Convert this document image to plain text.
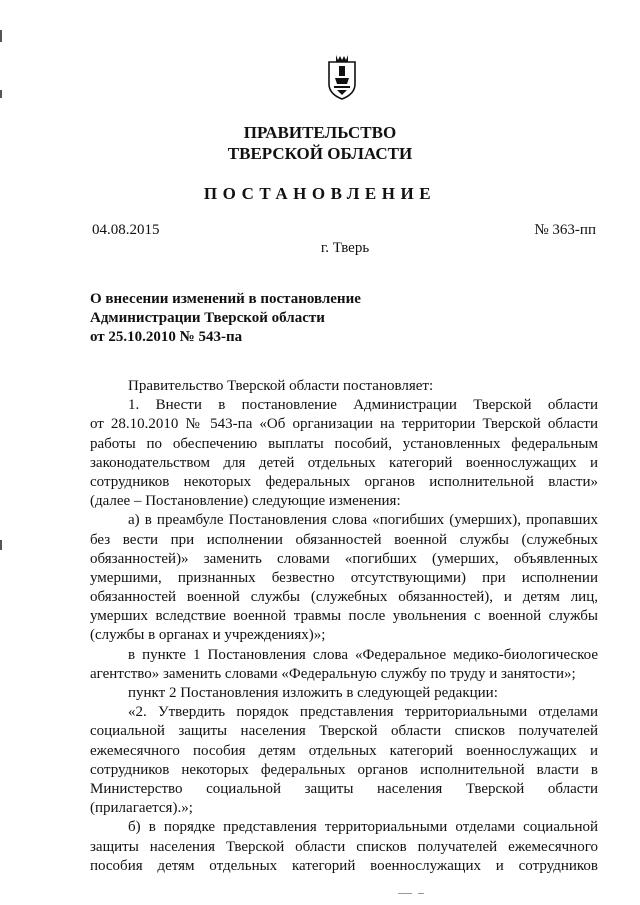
ПРАВИТЕЛЬСТВО
ТВЕРСКОЙ ОБЛАСТИ
ПОСТАНОВЛЕНИЕ
04.08.2015	№ 363-пп
г. Тверь
О внесении изменений в постановление
Администрации Тверской области
от 25.10.2010 № 543-па
Правительство Тверской области постановляет:
1. Внести в постановление Администрации Тверской области
от 28.10.2010 № 543-па «Об организации на территории Тверской области
работы по обеспечению выплаты пособий, установленных федеральным
законодательством для детей отдельных категорий военнослужащих и
сотрудников некоторых федеральных органов исполнительной власти»
(далее – Постановление) следующие изменения:
а) в преамбуле Постановления слова «погибших (умерших), пропавших
без вести при исполнении обязанностей военной службы (служебных
обязанностей)» заменить словами «погибших (умерших, объявленных
умершими, признанных безвестно отсутствующими) при исполнении
обязанностей военной службы (служебных обязанностей), и детям лиц,
умерших вследствие военной травмы после увольнения с военной службы
(службы в органах и учреждениях)»;
в пункте 1 Постановления слова «Федеральное медико-биологическое
агентство» заменить словами «Федеральную службу по труду и занятости»;
пункт 2 Постановления изложить в следующей редакции:
«2. Утвердить порядок представления территориальными отделами
социальной защиты населения Тверской области списков получателей
ежемесячного пособия детям отдельных категорий военнослужащих и
сотрудников некоторых федеральных органов исполнительной власти в
Министерство социальной защиты населения Тверской области
(прилагается).»;
б) в порядке представления территориальными отделами социальной
защиты населения Тверской области списков получателей ежемесячного
пособия детям отдельных категорий военнослужащих и сотрудников
